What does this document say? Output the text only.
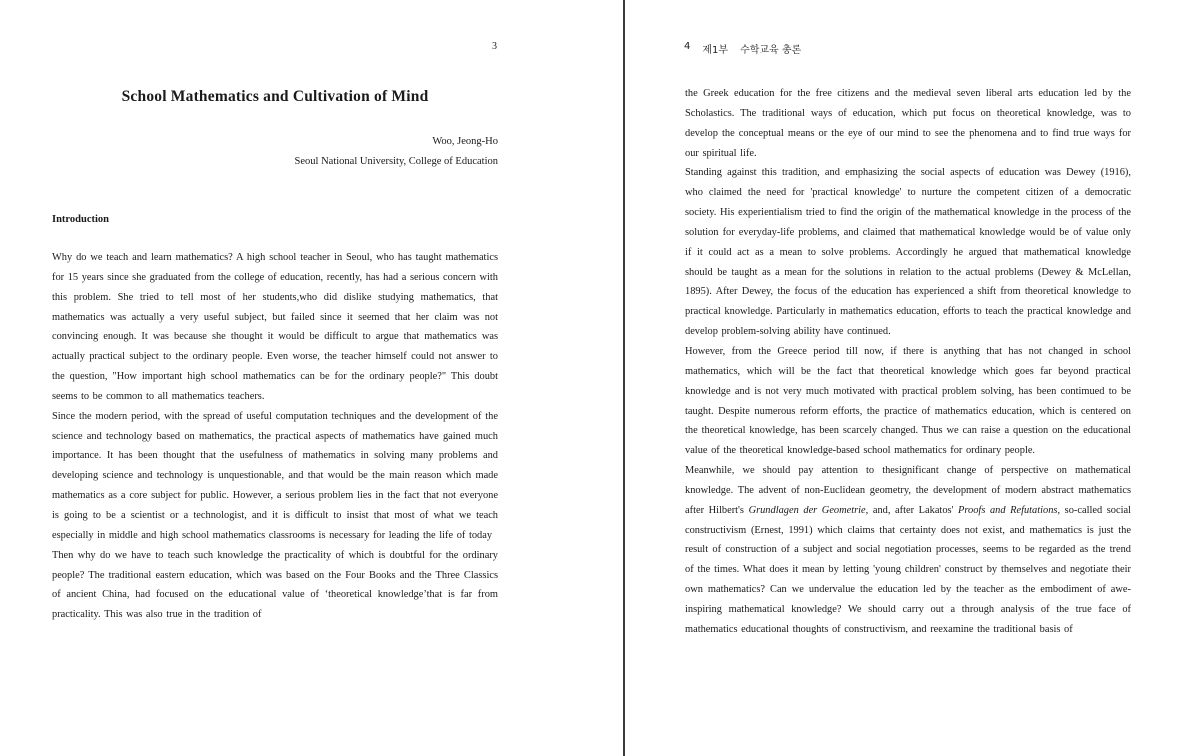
3
School Mathematics and Cultivation of Mind
Woo, Jeong-Ho
Seoul National University, College of Education
Introduction

Why do we teach and learn mathematics? A high school teacher in Seoul, who has taught mathematics for 15 years since she graduated from the college of education, recently, has had a serious concern with this problem. She tried to tell most of her students,who did dislike studying mathematics, that mathematics was actually a very useful subject, but failed since it seemed that her claim was not convincing enough. It was because she thought it would be difficult to argue that mathematics was actually practical subject to the ordinary people. Even worse, the teacher himself could not answer to the question, "How important high school mathematics can be for the ordinary people?" This doubt seems to be common to all mathematics teachers.

Since the modern period, with the spread of useful computation techniques and the development of the science and technology based on mathematics, the practical aspects of mathematics have gained much importance. It has been thought that the usefulness of mathematics in solving many problems and developing science and technology is unquestionable, and that would be the main reason which made mathematics as a core subject for public. However, a serious problem lies in the fact that not everyone is going to be a scientist or a technologist, and it is difficult to insist that most of what we teach especially in middle and high school mathematics classrooms is necessary for leading the life of today

Then why do we have to teach such knowledge the practicality of which is doubtful for the ordinary people? The traditional eastern education, which was based on the Four Books and the Three Classics of ancient China, had focused on the educational value of ‘theoretical knowledge’that is far from practicality. This was also true in the tradition of

4 제1부 수학교육 총론

the Greek education for the free citizens and the medieval seven liberal arts education led by the Scholastics. The traditional ways of education, which put focus on theoretical knowledge, was to develop the conceptual means or the eye of our mind to see the phenomena and to find true ways for our spiritual life.

Standing against this tradition, and emphasizing the social aspects of education was Dewey (1916), who claimed the need for 'practical knowledge' to nurture the competent citizen of a democratic society. His experientialism tried to find the origin of the mathematical knowledge in the process of the solution for everyday-life problems, and claimed that mathematical knowledge would be of value only if it could act as a mean to solve problems. Accordingly he argued that mathematical knowledge should be taught as a mean for the solutions in relation to the actual problems (Dewey & McLellan, 1895). After Dewey, the focus of the education has experienced a shift from theoretical knowledge to practical knowledge. Particularly in mathematics education, efforts to teach the practical knowledge and develop problem-solving ability have continued.

However, from the Greece period till now, if there is anything that has not changed in school mathematics, which will be the fact that theoretical knowledge which goes far beyond practical knowledge and is not very much motivated with practical problem solving, has been contimued to be taught. Despite numerous reform efforts, the practice of mathematics education, which is centered on the theoretical knowledge, has been scarcely changed. Thus we can raise a question on the educational value of the theoretical knowledge-based school mathematics for ordinary people.

Meanwhile, we should pay attention to thesignificant change of perspective on mathematical knowledge. The advent of non-Euclidean geometry, the development of modern abstract mathematics after Hilbert's Grundlagen der Geometrie, and, after Lakatos' Proofs and Refutations, so-called social constructivism (Ernest, 1991) which claims that certainty does not exist, and mathematics is just the result of construction of a subject and social negotiation processes, seems to be regarded as the trend of the times. What does it mean by letting 'young children' construct by themselves and negotiate their own mathematics? Can we undervalue the education led by the teacher as the embodiment of awe-inspiring mathematical knowledge? We should carry out a through analysis of the true face of mathematics educational thoughts of constructivism, and reexamine the traditional basis of
